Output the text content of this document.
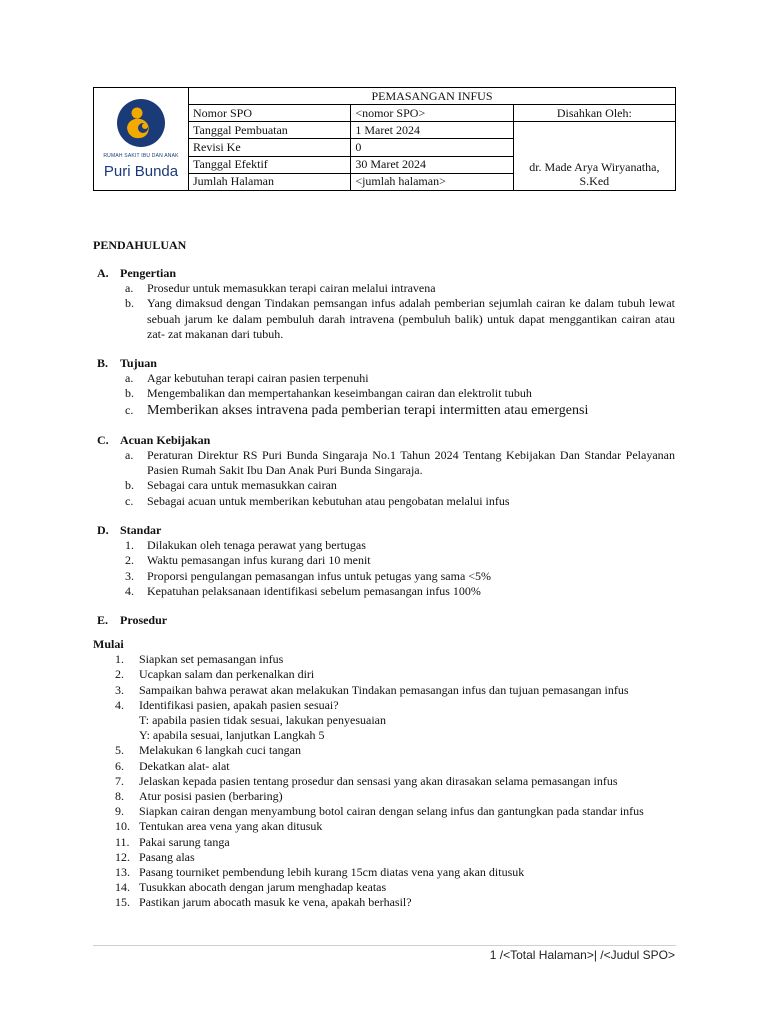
RUMAH SAKIT IBU DAN ANAK
Puri Bunda	PEMASANGAN INFUS		
	Nomor SPO	<nomor SPO>	Disahkan Oleh:
	Tanggal Pembuatan	1 Maret 2024	dr. Made Arya Wiryanatha, S.Ked
	Revisi Ke	0	
	Tanggal Efektif	30 Maret 2024	
	Jumlah Halaman	<jumlah halaman>	
PENDAHULUAN
A. Pengertian
a. Prosedur untuk memasukkan terapi cairan melalui intravena
b. Yang dimaksud dengan Tindakan pemsangan infus adalah pemberian sejumlah cairan ke dalam tubuh lewat sebuah jarum ke dalam pembuluh darah intravena (pembuluh balik) untuk dapat menggantikan cairan atau zat- zat makanan dari tubuh.
B. Tujuan
a. Agar kebutuhan terapi cairan pasien terpenuhi
b. Mengembalikan dan mempertahankan keseimbangan cairan dan elektrolit tubuh
c. Memberikan akses intravena pada pemberian terapi intermitten atau emergensi
C. Acuan Kebijakan
a. Peraturan Direktur RS Puri Bunda Singaraja No.1 Tahun 2024 Tentang Kebijakan Dan Standar Pelayanan Pasien Rumah Sakit Ibu Dan Anak Puri Bunda Singaraja.
b. Sebagai cara untuk memasukkan cairan
c. Sebagai acuan untuk memberikan kebutuhan atau pengobatan melalui infus
D. Standar
1. Dilakukan oleh tenaga perawat yang bertugas
2. Waktu pemasangan infus kurang dari 10 menit
3. Proporsi pengulangan pemasangan infus untuk petugas yang sama <5%
4. Kepatuhan pelaksanaan identifikasi sebelum pemasangan infus 100%
E. Prosedur
Mulai
1. Siapkan set pemasangan infus
2. Ucapkan salam dan perkenalkan diri
3. Sampaikan bahwa perawat akan melakukan Tindakan pemasangan infus dan tujuan pemasangan infus
4. Identifikasi pasien, apakah pasien sesuai?
T: apabila pasien tidak sesuai, lakukan penyesuaian
Y: apabila sesuai, lanjutkan Langkah 5
5. Melakukan 6 langkah cuci tangan
6. Dekatkan alat- alat
7. Jelaskan kepada pasien tentang prosedur dan sensasi yang akan dirasakan selama pemasangan infus
8. Atur posisi pasien (berbaring)
9. Siapkan cairan dengan menyambung botol cairan dengan selang infus dan gantungkan pada standar infus
10. Tentukan area vena yang akan ditusuk
11. Pakai sarung tanga
12. Pasang alas
13. Pasang tourniket pembendung lebih kurang 15cm diatas vena yang akan ditusuk
14. Tusukkan abocath dengan jarum menghadap keatas
15. Pastikan jarum abocath masuk ke vena, apakah berhasil?
1 /<Total Halaman>| /<Judul SPO>
